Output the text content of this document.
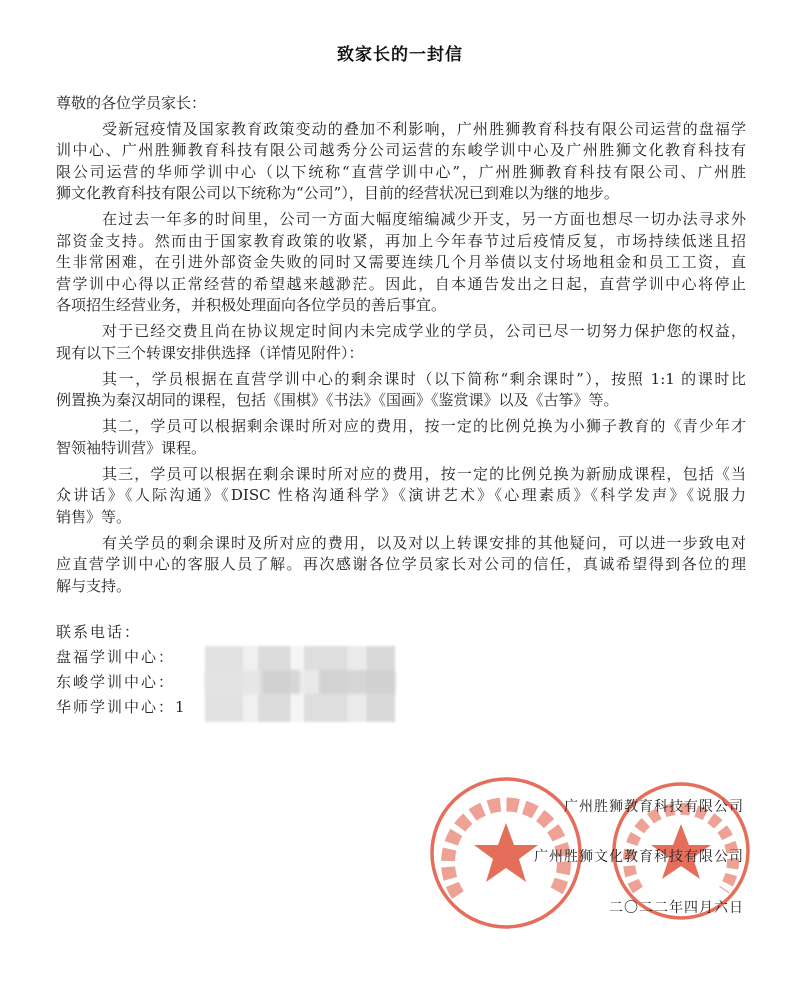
致家长的一封信
尊敬的各位学员家长：
受新冠疫情及国家教育政策变动的叠加不利影响，广州胜狮教育科技有限公司运营的盘福学
训中心、广州胜狮教育科技有限公司越秀分公司运营的东峻学训中心及广州胜狮文化教育科技有
限公司运营的华师学训中心（以下统称“直营学训中心”，广州胜狮教育科技有限公司、广州胜
狮文化教育科技有限公司以下统称为“公司”），目前的经营状况已到难以为继的地步。
在过去一年多的时间里，公司一方面大幅度缩编减少开支，另一方面也想尽一切办法寻求外
部资金支持。然而由于国家教育政策的收紧，再加上今年春节过后疫情反复，市场持续低迷且招
生非常困难，在引进外部资金失败的同时又需要连续几个月举债以支付场地租金和员工工资，直
营学训中心得以正常经营的希望越来越渺茫。因此，自本通告发出之日起，直营学训中心将停止
各项招生经营业务，并积极处理面向各位学员的善后事宜。
对于已经交费且尚在协议规定时间内未完成学业的学员，公司已尽一切努力保护您的权益，
现有以下三个转课安排供选择（详情见附件）：
其一，学员根据在直营学训中心的剩余课时（以下简称“剩余课时”），按照 1:1 的课时比
例置换为秦汉胡同的课程，包括《围棋》《书法》《国画》《鉴赏课》以及《古筝》等。
其二，学员可以根据剩余课时所对应的费用，按一定的比例兑换为小狮子教育的《青少年才
智领袖特训营》课程。
其三，学员可以根据在剩余课时所对应的费用，按一定的比例兑换为新励成课程，包括《当
众讲话》《人际沟通》《DISC 性格沟通科学》《演讲艺术》《心理素质》《科学发声》《说服力
销售》等。
有关学员的剩余课时及所对应的费用，以及对以上转课安排的其他疑问，可以进一步致电对
应直营学训中心的客服人员了解。再次感谢各位学员家长对公司的信任，真诚希望得到各位的理
解与支持。
联系电话：
盘福学训中心：
东峻学训中心：
华师学训中心：1
广州胜狮教育科技有限公司
广州胜狮文化教育科技有限公司
二〇二二年四月六日
